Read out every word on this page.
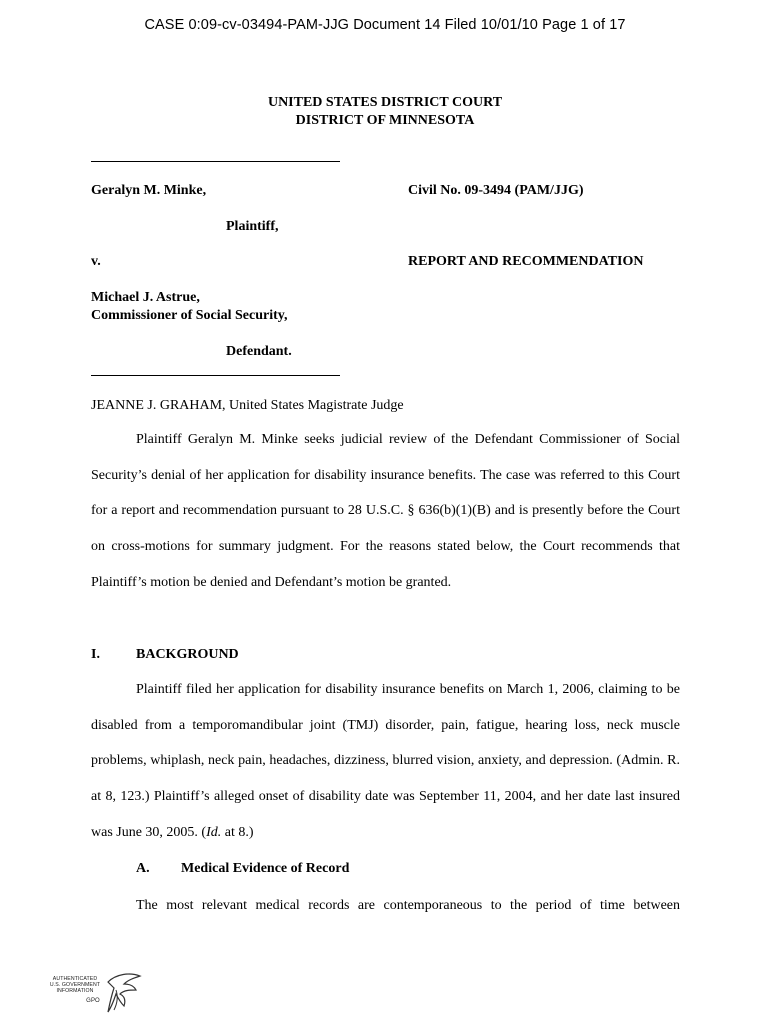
CASE 0:09-cv-03494-PAM-JJG Document 14 Filed 10/01/10 Page 1 of 17
UNITED STATES DISTRICT COURT
DISTRICT OF MINNESOTA
Geralyn M. Minke,	Civil No. 09-3494 (PAM/JJG)
Plaintiff,
v.	REPORT AND RECOMMENDATION
Michael J. Astrue,
Commissioner of Social Security,
Defendant.
JEANNE J. GRAHAM, United States Magistrate Judge

Plaintiff Geralyn M. Minke seeks judicial review of the Defendant Commissioner of Social Security’s denial of her application for disability insurance benefits. The case was referred to this Court for a report and recommendation pursuant to 28 U.S.C. § 636(b)(1)(B) and is presently before the Court on cross-motions for summary judgment. For the reasons stated below, the Court recommends that Plaintiff’s motion be denied and Defendant’s motion be granted.

I.	BACKGROUND

Plaintiff filed her application for disability insurance benefits on March 1, 2006, claiming to be disabled from a temporomandibular joint (TMJ) disorder, pain, fatigue, hearing loss, neck muscle problems, whiplash, neck pain, headaches, dizziness, blurred vision, anxiety, and depression. (Admin. R. at 8, 123.) Plaintiff’s alleged onset of disability date was September 11, 2004, and her date last insured was June 30, 2005. (Id. at 8.)

A. Medical Evidence of Record
The most relevant medical records are contemporaneous to the period of time between
AUTHENTICATED
U.S. GOVERNMENT
INFORMATION
GPO
